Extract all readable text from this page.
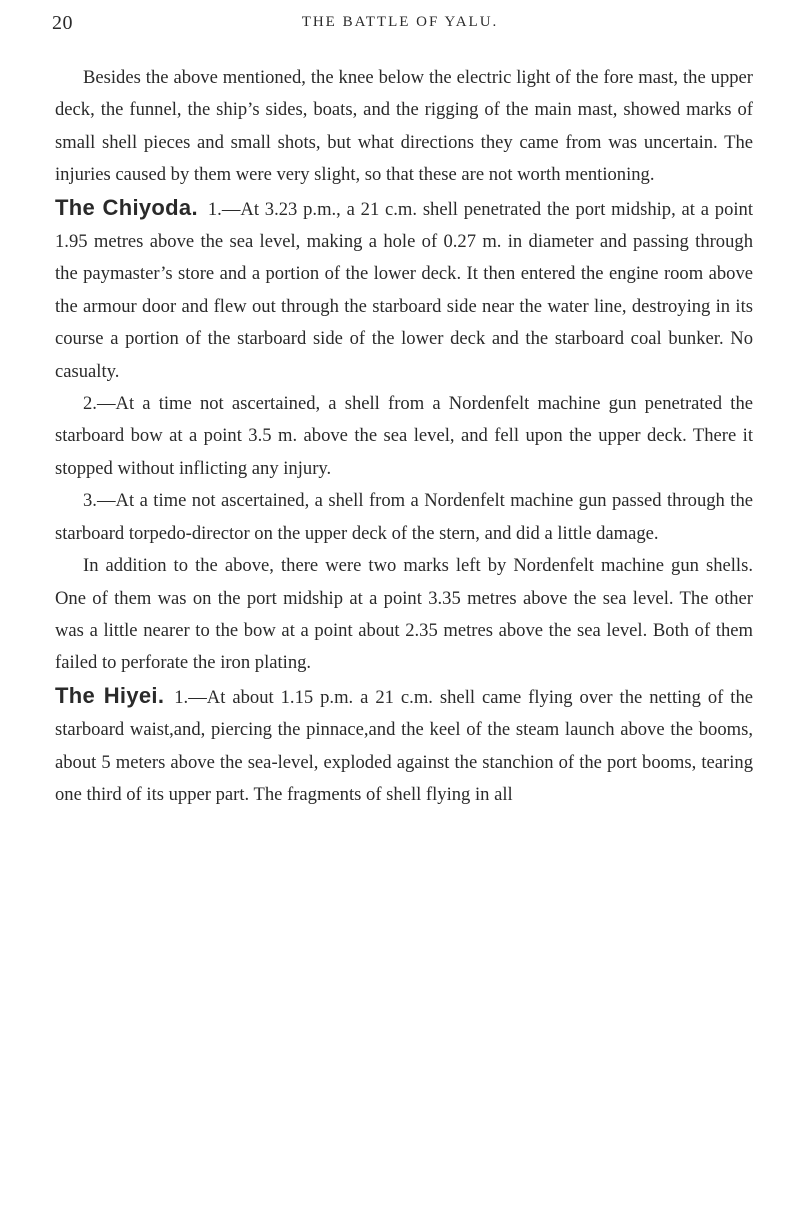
20	THE BATTLE OF YALU.

Besides the above mentioned, the knee below the electric light of the fore mast, the upper deck, the funnel, the ship’s sides, boats, and the rigging of the main mast, showed marks of small shell pieces and small shots, but what directions they came from was uncertain. The injuries caused by them were very slight, so that these are not worth mentioning.

The Chiyoda. 1.—At 3.23 p.m., a 21 c.m. shell penetrated the port midship, at a point 1.95 metres above the sea level, making a hole of 0.27 m. in diameter and passing through the paymaster’s store and a portion of the lower deck. It then entered the engine room above the armour door and flew out through the starboard side near the water line, destroying in its course a portion of the starboard side of the lower deck and the starboard coal bunker. No casualty.

2.—At a time not ascertained, a shell from a Nordenfelt machine gun penetrated the starboard bow at a point 3.5 m. above the sea level, and fell upon the upper deck. There it stopped without inflicting any injury.

3.—At a time not ascertained, a shell from a Nordenfelt machine gun passed through the starboard torpedo-director on the upper deck of the stern, and did a little damage.

In addition to the above, there were two marks left by Nordenfelt machine gun shells. One of them was on the port midship at a point 3.35 metres above the sea level. The other was a little nearer to the bow at a point about 2.35 metres above the sea level. Both of them failed to perforate the iron plating.

The Hiyei. 1.—At about 1.15 p.m. a 21 c.m. shell came flying over the netting of the starboard waist,and, piercing the pinnace,and the keel of the steam launch above the booms, about 5 meters above the sea-level, exploded against the stanchion of the port booms, tearing one third of its upper part. The fragments of shell flying in all
